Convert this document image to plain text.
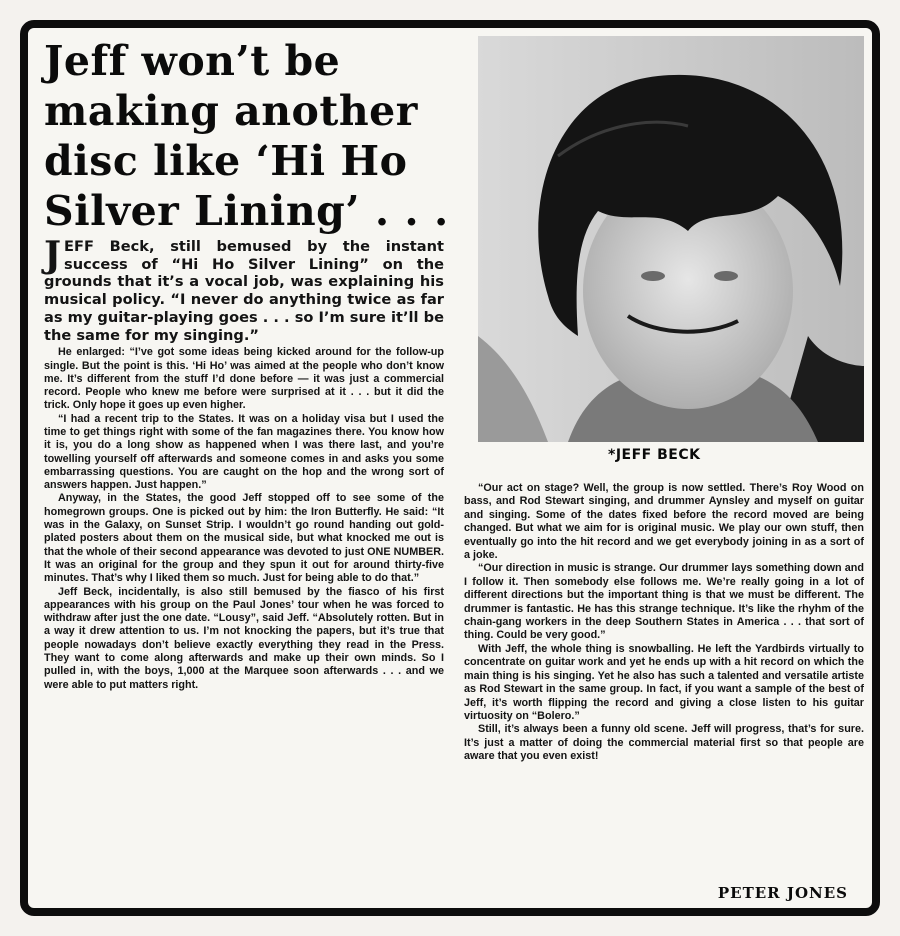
Jeff won’t be making another disc like ‘Hi Ho Silver Lining’ . . .

*JEFF BECK

JEFF Beck, still bemused by the instant success of “Hi Ho Silver Lining” on the grounds that it’s a vocal job, was explaining his musical policy. “I never do anything twice as far as my guitar-playing goes . . . so I’m sure it’ll be the same for my singing.”

He enlarged: “I’ve got some ideas being kicked around for the follow-up single. But the point is this. ‘Hi Ho’ was aimed at the people who don’t know me. It’s different from the stuff I’d done before — it was just a commercial record. People who knew me before were surprised at it . . . but it did the trick. Only hope it goes up even higher.

“I had a recent trip to the States. It was on a holiday visa but I used the time to get things right with some of the fan magazines there. You know how it is, you do a long show as happened when I was there last, and you’re towelling yourself off afterwards and someone comes in and asks you some embarrassing questions. You are caught on the hop and the wrong sort of answers happen. Just happen.”

Anyway, in the States, the good Jeff stopped off to see some of the homegrown groups. One is picked out by him: the Iron Butterfly. He said: “It was in the Galaxy, on Sunset Strip. I wouldn’t go round handing out gold-plated posters about them on the musical side, but what knocked me out is that the whole of their second appearance was devoted to just ONE NUMBER. It was an original for the group and they spun it out for around thirty-five minutes. That’s why I liked them so much. Just for being able to do that.”

Jeff Beck, incidentally, is also still bemused by the fiasco of his first appearances with his group on the Paul Jones’ tour when he was forced to withdraw after just the one date. “Lousy”, said Jeff. “Absolutely rotten. But in a way it drew attention to us. I’m not knocking the papers, but it’s true that people nowadays don’t believe exactly everything they read in the Press. They want to come along afterwards and make up their own minds. So I pulled in, with the boys, 1,000 at the Marquee soon afterwards . . . and we were able to put matters right.

“Our act on stage? Well, the group is now settled. There’s Roy Wood on bass, and Rod Stewart singing, and drummer Aynsley and myself on guitar and singing. Some of the dates fixed before the record moved are being changed. But what we aim for is original music. We play our own stuff, then eventually go into the hit record and we get everybody joining in as a sort of a joke.

“Our direction in music is strange. Our drummer lays something down and I follow it. Then somebody else follows me. We’re really going in a lot of different directions but the important thing is that we must be different. The drummer is fantastic. He has this strange technique. It’s like the rhyhm of the chain-gang workers in the deep Southern States in America . . . that sort of thing. Could be very good.”

With Jeff, the whole thing is snowballing. He left the Yardbirds virtually to concentrate on guitar work and yet he ends up with a hit record on which the main thing is his singing. Yet he also has such a talented and versatile artiste as Rod Stewart in the same group. In fact, if you want a sample of the best of Jeff, it’s worth flipping the record and giving a close listen to his guitar virtuosity on “Bolero.”

Still, it’s always been a funny old scene. Jeff will progress, that’s for sure. It’s just a matter of doing the commercial material first so that people are aware that you even exist!

PETER JONES
